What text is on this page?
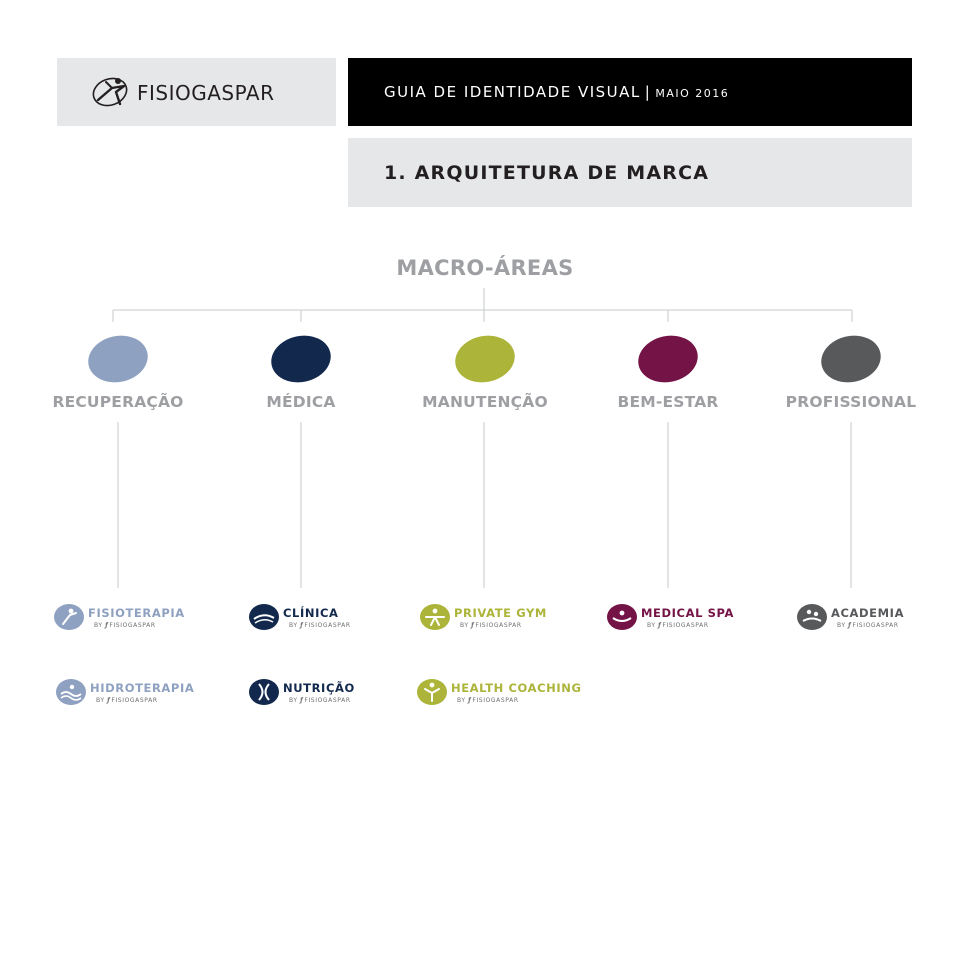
FISIOGASPAR	GUIA DE IDENTIDADE VISUAL | MAIO 2016
1. ARQUITETURA DE MARCA
MACRO-ÁREAS
RECUPERAÇÃO	MÉDICA	MANUTENÇÃO	BEM-ESTAR	PROFISSIONAL
FISIOTERAPIA
BY ƒFISIOGASPAR
CLÍNICA
BY ƒFISIOGASPAR
PRIVATE GYM
BY ƒFISIOGASPAR
MEDICAL SPA
BY ƒFISIOGASPAR
ACADEMIA
BY ƒFISIOGASPAR
HIDROTERAPIA
BY ƒFISIOGASPAR
NUTRIÇÃO
BY ƒFISIOGASPAR
HEALTH COACHING
BY ƒFISIOGASPAR
